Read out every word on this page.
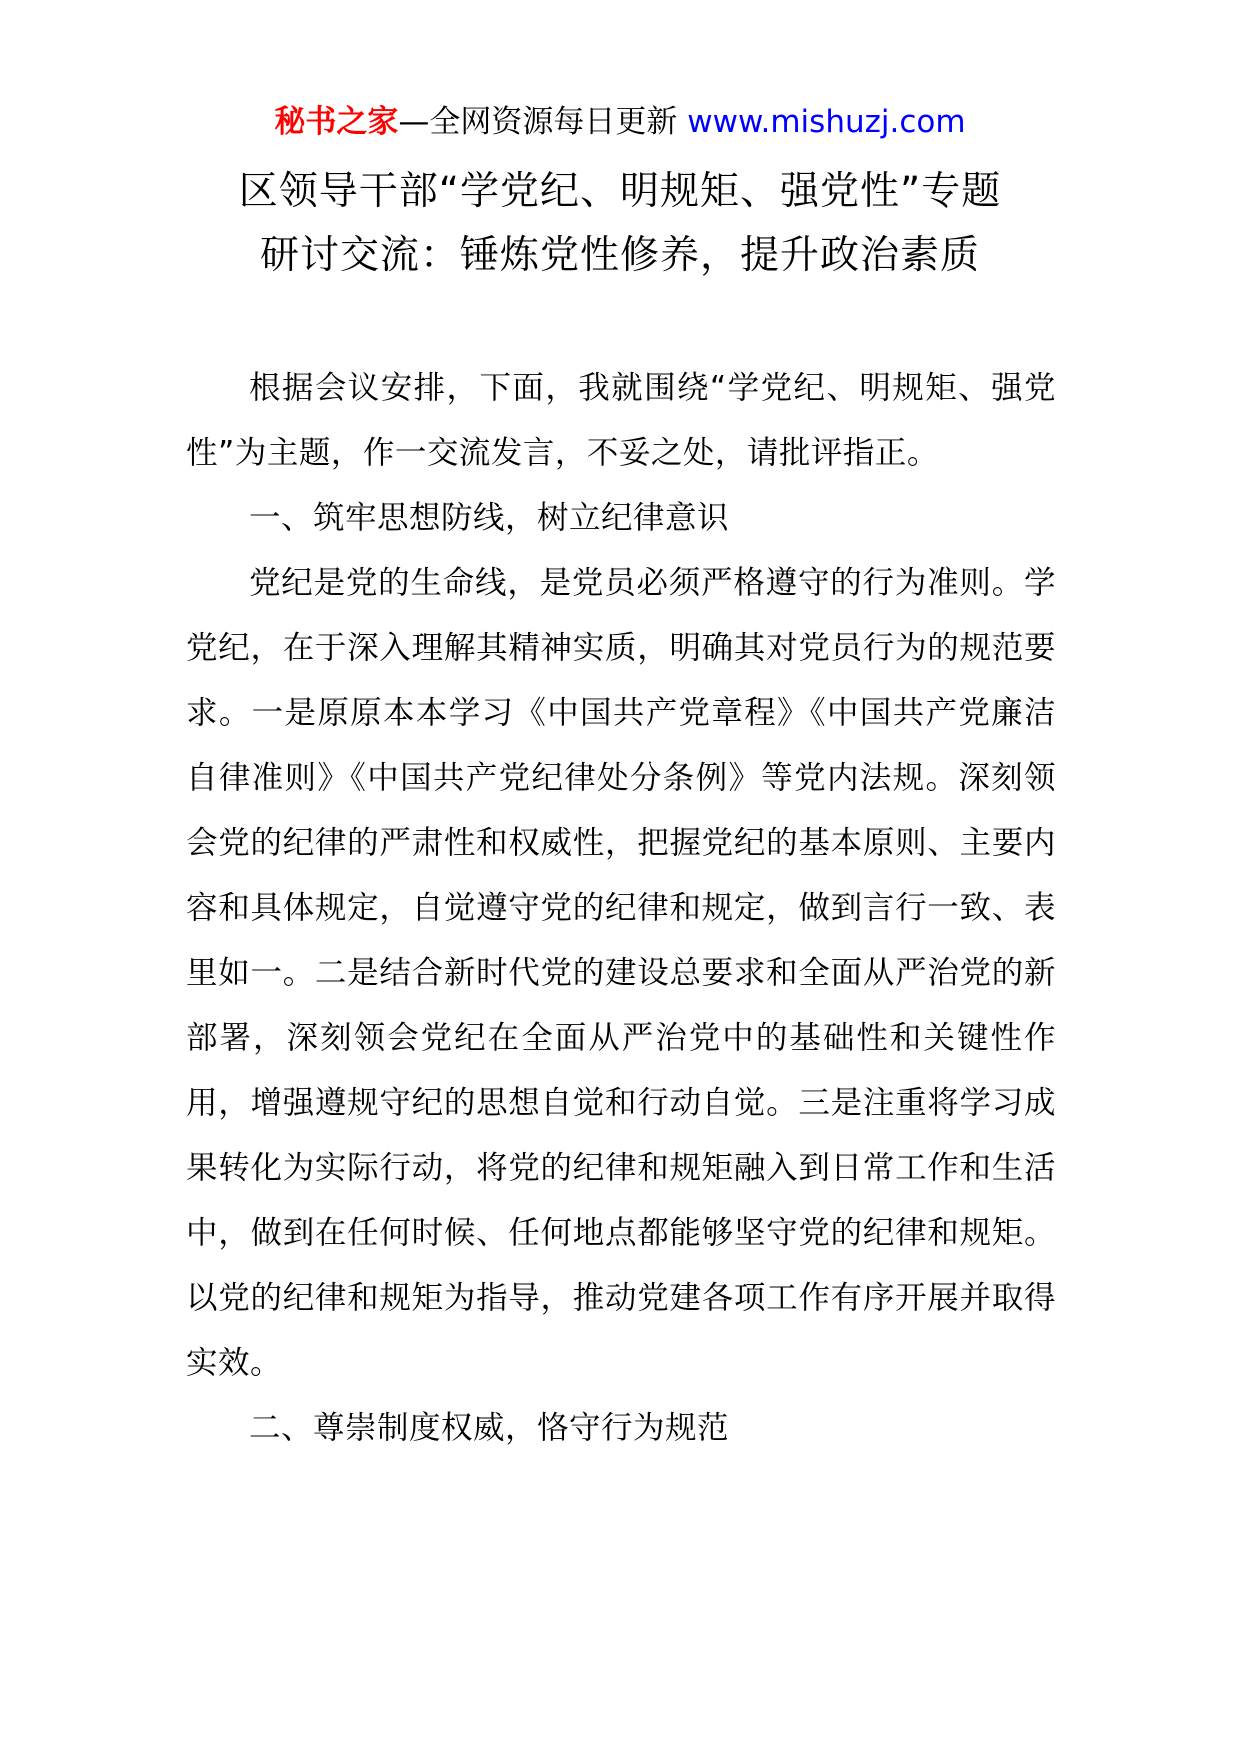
秘书之家—全网资源每日更新 www.mishuzj.com
区领导干部“学党纪、明规矩、强党性”专题
研讨交流：锤炼党性修养，提升政治素质

根据会议安排，下面，我就围绕“学党纪、明规矩、强党性”为主题，作一交流发言，不妥之处，请批评指正。

一、筑牢思想防线，树立纪律意识

党纪是党的生命线，是党员必须严格遵守的行为准则。学党纪，在于深入理解其精神实质，明确其对党员行为的规范要求。一是原原本本学习《中国共产党章程》《中国共产党廉洁自律准则》《中国共产党纪律处分条例》等党内法规。深刻领会党的纪律的严肃性和权威性，把握党纪的基本原则、主要内容和具体规定，自觉遵守党的纪律和规定，做到言行一致、表里如一。二是结合新时代党的建设总要求和全面从严治党的新部署，深刻领会党纪在全面从严治党中的基础性和关键性作用，增强遵规守纪的思想自觉和行动自觉。三是注重将学习成果转化为实际行动，将党的纪律和规矩融入到日常工作和生活中，做到在任何时候、任何地点都能够坚守党的纪律和规矩。以党的纪律和规矩为指导，推动党建各项工作有序开展并取得实效。

二、尊崇制度权威，恪守行为规范
